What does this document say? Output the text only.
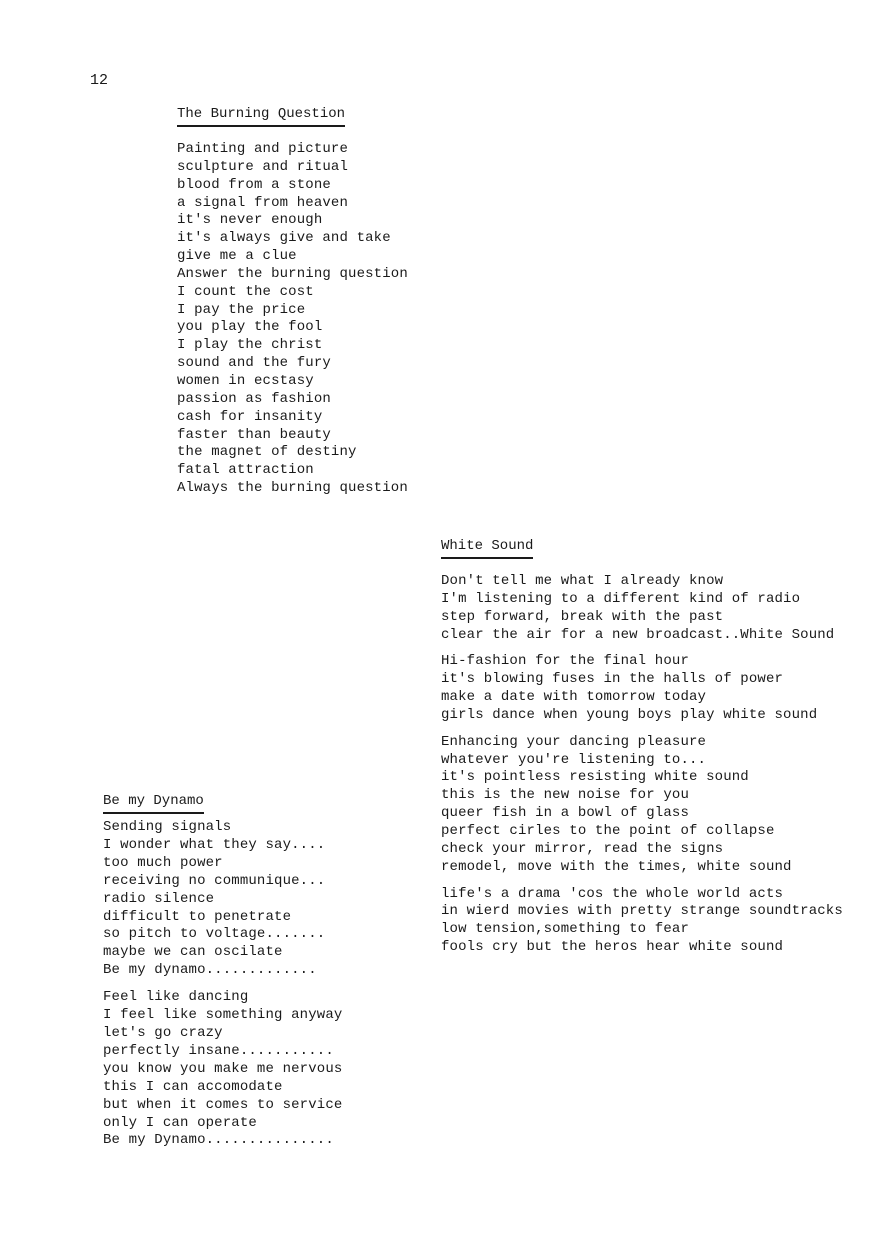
12
The Burning Question
Painting and picture
sculpture and ritual
blood from a stone
a signal from heaven
it's never enough
it's always give and take
give me a clue
Answer the burning question
I count the cost
I pay the price
you play the fool
I play the christ
sound and the fury
women in ecstasy
passion as fashion
cash for insanity
faster than beauty
the magnet of destiny
fatal attraction
Always the burning question
White Sound
Don't tell me what I already know
I'm listening to a different kind of radio
step forward, break with the past
clear the air for a new broadcast..White Sound
Hi-fashion for the final hour
it's blowing fuses in the halls of power
make a date with tomorrow today
girls dance when young boys play white sound
Enhancing your dancing pleasure
whatever you're listening to...
it's pointless resisting white sound
this is the new noise for you
queer fish in a bowl of glass
perfect cirles to the point of collapse
check your mirror, read the signs
remodel, move with the times, white sound
life's a drama 'cos the whole world acts
in wierd movies with pretty strange soundtracks
low tension,something to fear
fools cry but the heros hear white sound
Be my Dynamo
Sending signals
I wonder what they say....
too much power
receiving no communique...
radio silence
difficult to penetrate
so pitch to voltage.......
maybe we can oscilate
Be my dynamo.............
Feel like dancing
I feel like something anyway
let's go crazy
perfectly insane...........
you know you make me nervous
this I can accomodate
but when it comes to service
only I can operate
Be my Dynamo...............
